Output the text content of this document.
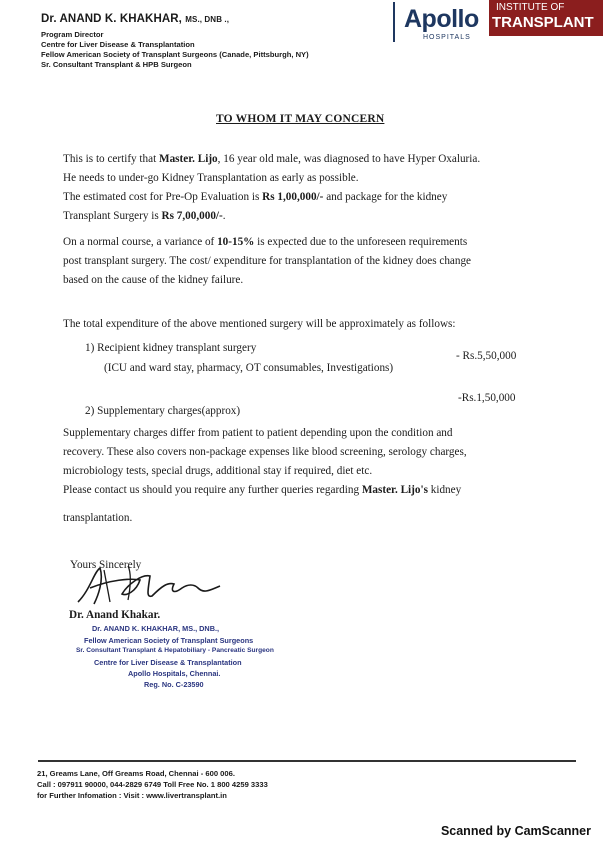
Dr. ANAND K. KHAKHAR, MS., DNB .,
Program Director
Centre for Liver Disease & Transplantation
Fellow American Society of Transplant Surgeons (Canade, Pittsburgh, NY)
Sr. Consultant Transplant & HPB Surgeon
Apollo
HOSPITALS
INSTITUTE OF
TRANSPLANT
TO WHOM IT MAY CONCERN
This is to certify that Master. Lijo, 16 year old male, was diagnosed to have Hyper Oxaluria.
He needs to under-go Kidney Transplantation as early as possible.
The estimated cost for Pre-Op Evaluation is Rs 1,00,000/- and package for the kidney
Transplant Surgery is Rs 7,00,000/-.
On a normal course, a variance of 10-15% is expected due to the unforeseen requirements
post transplant surgery. The cost/ expenditure for transplantation of the kidney does change
based on the cause of the kidney failure.
The total expenditure of the above mentioned surgery will be approximately as follows:
1) Recipient kidney transplant surgery
(ICU and ward stay, pharmacy, OT consumables, Investigations)
- Rs.5,50,000
-Rs.1,50,000
2) Supplementary charges(approx)
Supplementary charges differ from patient to patient depending upon the condition and
recovery. These also covers non-package expenses like blood screening, serology charges,
microbiology tests, special drugs, additional stay if required, diet etc.
Please contact us should you require any further queries regarding Master. Lijo's kidney
transplantation.
Yours Sincerely
Dr. Anand Khakar.
Dr. ANAND K. KHAKHAR, MS., DNB.,
Fellow American Society of Transplant Surgeons
Sr. Consultant Transplant & Hepatobiliary - Pancreatic Surgeon
Centre for Liver Disease & Transplantation
Apollo Hospitals, Chennai.
Reg. No. C-23590
21, Greams Lane, Off Greams Road, Chennai - 600 006.
Call : 097911 90000, 044-2829 6749 Toll Free No. 1 800 4259 3333
for Further Infomation : Visit : www.livertransplant.in
Scanned by CamScanner
